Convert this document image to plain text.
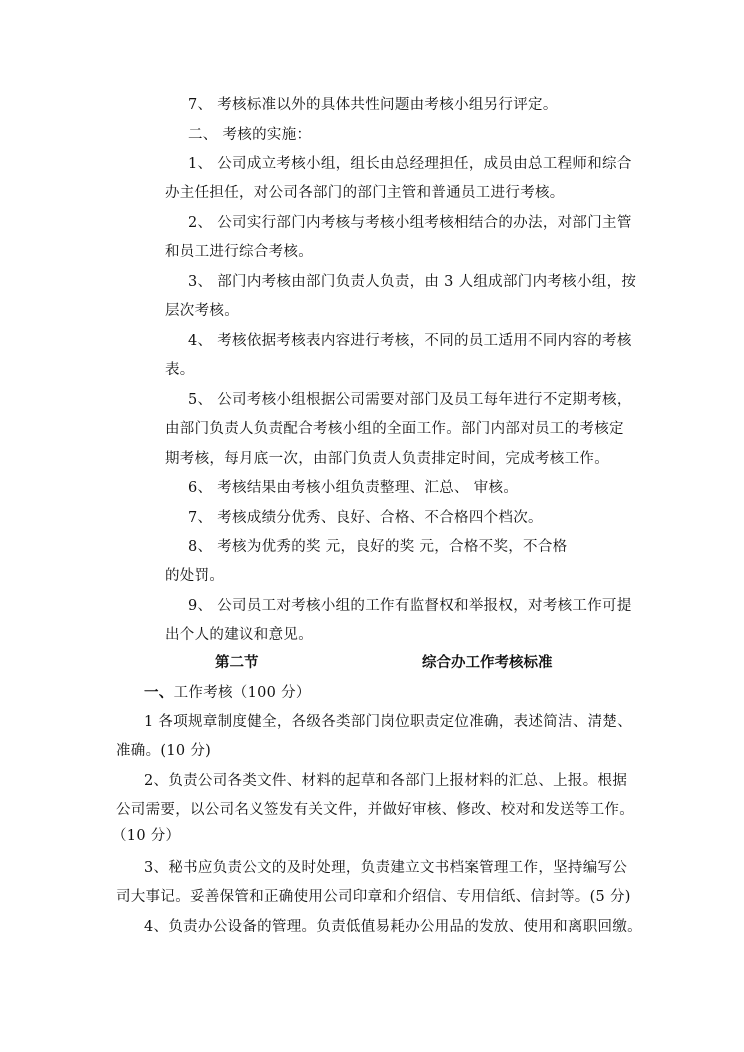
7、 考核标准以外的具体共性问题由考核小组另行评定。
二、 考核的实施：
1、 公司成立考核小组，组长由总经理担任，成员由总工程师和综合
办主任担任，对公司各部门的部门主管和普通员工进行考核。
2、 公司实行部门内考核与考核小组考核相结合的办法，对部门主管
和员工进行综合考核。
3、 部门内考核由部门负责人负责，由 3 人组成部门内考核小组，按
层次考核。
4、 考核依据考核表内容进行考核，不同的员工适用不同内容的考核
表。
5、 公司考核小组根据公司需要对部门及员工每年进行不定期考核，
由部门负责人负责配合考核小组的全面工作。部门内部对员工的考核定
期考核，每月底一次，由部门负责人负责排定时间，完成考核工作。
6、 考核结果由考核小组负责整理、汇总、 审核。
7、 考核成绩分优秀、良好、合格、不合格四个档次。
8、 考核为优秀的奖 元，良好的奖 元，合格不奖，不合格
的处罚。
9、 公司员工对考核小组的工作有监督权和举报权，对考核工作可提
出个人的建议和意见。
第二节	综合办工作考核标准
一、工作考核（100 分）
1 各项规章制度健全，各级各类部门岗位职责定位准确，表述简洁、清楚、
准确。(10 分)
2、负责公司各类文件、材料的起草和各部门上报材料的汇总、上报。根据
公司需要，以公司名义签发有关文件，并做好审核、修改、校对和发送等工作。
（10 分）
3、秘书应负责公文的及时处理，负责建立文书档案管理工作，坚持编写公
司大事记。妥善保管和正确使用公司印章和介绍信、专用信纸、信封等。(5 分)
4、负责办公设备的管理。负责低值易耗办公用品的发放、使用和离职回缴。
